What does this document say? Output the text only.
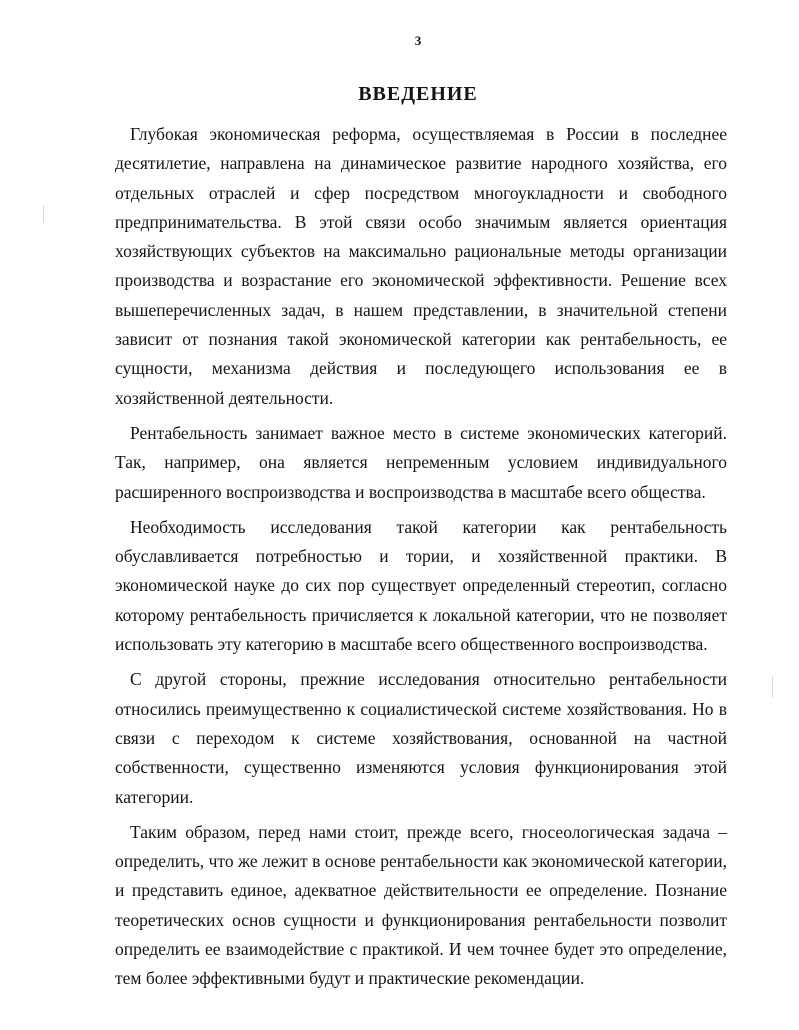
3
ВВЕДЕНИЕ

Глубокая экономическая реформа, осуществляемая в России в последнее десятилетие, направлена на динамическое развитие народного хозяйства, его отдельных отраслей и сфер посредством многоукладности и свободного предпринимательства. В этой связи особо значимым является ориентация хозяйствующих субъектов на максимально рациональные методы организации производства и возрастание его экономической эффективности. Решение всех вышеперечисленных задач, в нашем представлении, в значительной степени зависит от познания такой экономической категории как рентабельность, ее сущности, механизма действия и последующего использования ее в хозяйственной деятельности.

Рентабельность занимает важное место в системе экономических категорий. Так, например, она является непременным условием индивидуального расширенного воспроизводства и воспроизводства в масштабе всего общества.

Необходимость исследования такой категории как рентабельность обуславливается потребностью и тории, и хозяйственной практики. В экономической науке до сих пор существует определенный стереотип, согласно которому рентабельность причисляется к локальной категории, что не позволяет использовать эту категорию в масштабе всего общественного воспроизводства.

С другой стороны, прежние исследования относительно рентабельности относились преимущественно к социалистической системе хозяйствования. Но в связи с переходом к системе хозяйствования, основанной на частной собственности, существенно изменяются условия функционирования этой категории.

Таким образом, перед нами стоит, прежде всего, гносеологическая задача – определить, что же лежит в основе рентабельности как экономической категории, и представить единое, адекватное действительности ее определение. Познание теоретических основ сущности и функционирования рентабельности позволит определить ее взаимодействие с практикой. И чем точнее будет это определение, тем более эффективными будут и практические рекомендации.
